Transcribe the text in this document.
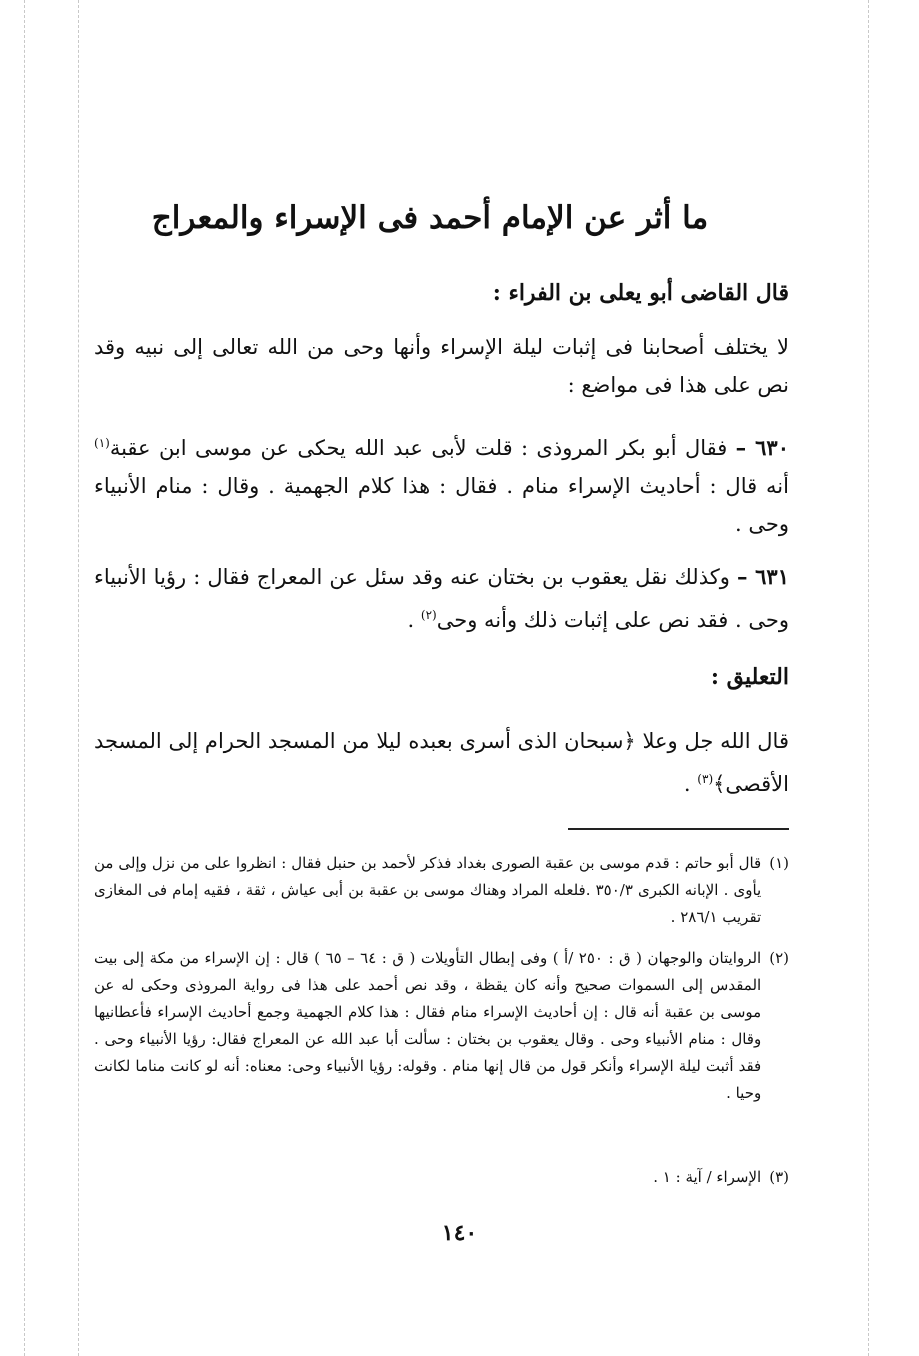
ما أثر عن الإمام أحمد فى الإسراء والمعراج

قال القاضى أبو يعلى بن الفراء :

لا يختلف أصحابنا فى إثبات ليلة الإسراء وأنها وحى من الله تعالى إلى نبيه وقد نص على هذا فى مواضع :

٦٣٠ – فقال أبو بكر المروذى : قلت لأبى عبد الله يحكى عن موسى ابن عقبة$^{(١)}$ أنه قال : أحاديث الإسراء منام . فقال : هذا كلام الجهمية . وقال : منام الأنبياء وحى .

٦٣١ – وكذلك نقل يعقوب بن بختان عنه وقد سئل عن المعراج فقال : رؤيا الأنبياء وحى . فقد نص على إثبات ذلك وأنه وحى$^{(٢)}$ .

التعليق :

قال الله جل وعلا ﴿سبحان الذى أسرى بعبده ليلا من المسجد الحرام إلى المسجد الأقصى﴾$^{(٣)}$ .

(١)
قال أبو حاتم : قدم موسى بن عقبة الصورى بغداد فذكر لأحمد بن حنبل فقال : انظروا على من نزل وإلى من يأوى . الإبانه الكبرى ٣٥٠/٣ .فلعله المراد وهناك موسى بن عقبة بن أبى عياش ، ثقة ، فقيه إمام فى المغازى تقريب ٢٨٦/١ .
(٢)
الروايتان والوجهان ( ق : ٢٥٠ /أ ) وفى إبطال التأويلات ( ق : ٦٤ – ٦٥ ) قال : إن الإسراء من مكة إلى بيت المقدس إلى السموات صحيح وأنه كان يقظة ، وقد نص أحمد على هذا فى رواية المروذى وحكى له عن موسى بن عقبة أنه قال : إن أحاديث الإسراء منام فقال : هذا كلام الجهمية وجمع أحاديث الإسراء فأعطانيها وقال : منام الأنبياء وحى . وقال يعقوب بن بختان : سألت أبا عبد الله عن المعراج فقال: رؤيا الأنبياء وحى . فقد أثبت ليلة الإسراء وأنكر قول من قال إنها منام . وقوله: رؤيا الأنبياء وحى: معناه: أنه لو كانت مناما لكانت وحيا .
(٣)
الإسراء / آية : ١ .

١٤٠
